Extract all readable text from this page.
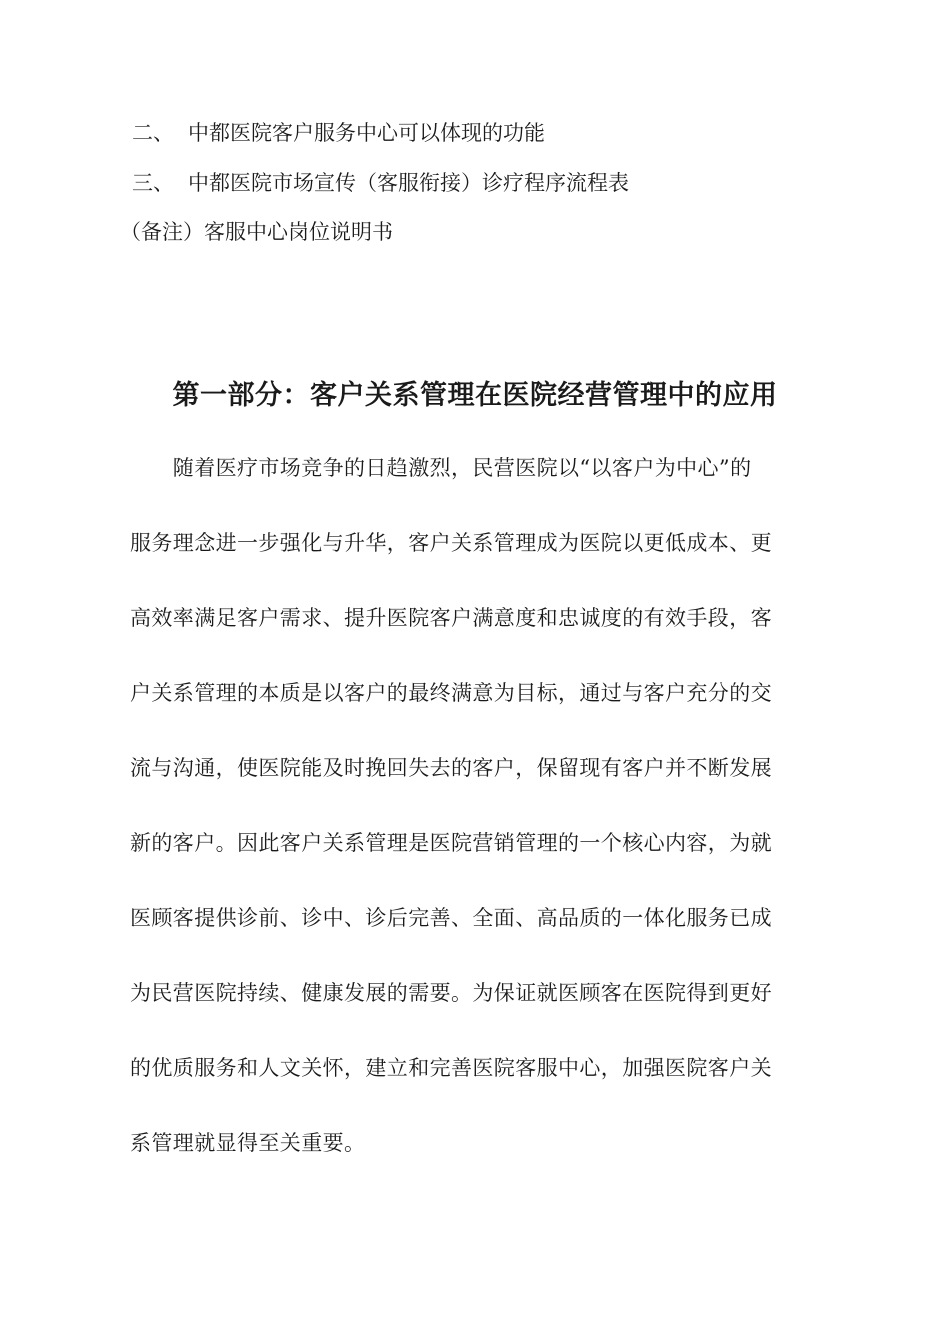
二、 中都医院客户服务中心可以体现的功能
三、 中都医院市场宣传（客服衔接）诊疗程序流程表
（备注）客服中心岗位说明书
第一部分：客户关系管理在医院经营管理中的应用
　　随着医疗市场竞争的日趋激烈，民营医院以“以客户为中心”的
服务理念进一步强化与升华，客户关系管理成为医院以更低成本、更
高效率满足客户需求、提升医院客户满意度和忠诚度的有效手段，客
户关系管理的本质是以客户的最终满意为目标，通过与客户充分的交
流与沟通，使医院能及时挽回失去的客户，保留现有客户并不断发展
新的客户。因此客户关系管理是医院营销管理的一个核心内容，为就
医顾客提供诊前、诊中、诊后完善、全面、高品质的一体化服务已成
为民营医院持续、健康发展的需要。为保证就医顾客在医院得到更好
的优质服务和人文关怀，建立和完善医院客服中心，加强医院客户关
系管理就显得至关重要。
